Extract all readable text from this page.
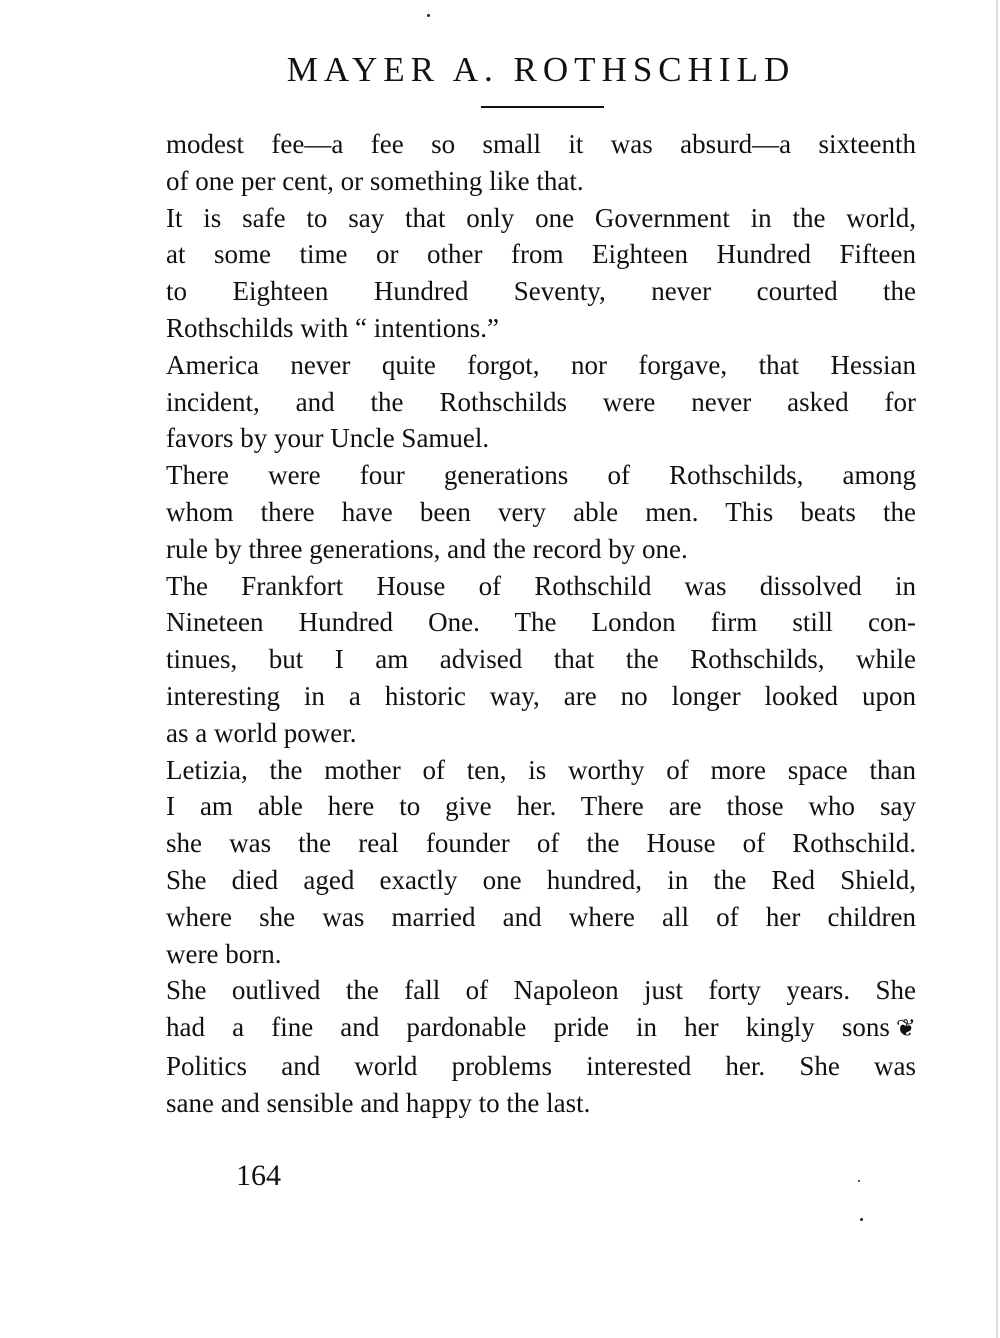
MAYER A. ROTHSCHILD

modest fee—a fee so small it was absurd—a sixteenth
of one per cent, or something like that.

It is safe to say that only one Government in the world,
at some time or other from Eighteen Hundred Fifteen
to Eighteen Hundred Seventy, never courted the
Rothschilds with “ intentions.”

America never quite forgot, nor forgave, that Hessian
incident, and the Rothschilds were never asked for
favors by your Uncle Samuel.

There were four generations of Rothschilds, among
whom there have been very able men. This beats the
rule by three generations, and the record by one.

The Frankfort House of Rothschild was dissolved in
Nineteen Hundred One. The London firm still con-
tinues, but I am advised that the Rothschilds, while
interesting in a historic way, are no longer looked upon
as a world power.

Letizia, the mother of ten, is worthy of more space than
I am able here to give her. There are those who say
she was the real founder of the House of Rothschild.
She died aged exactly one hundred, in the Red Shield,
where she was married and where all of her children
were born.

She outlived the fall of Napoleon just forty years. She
had a fine and pardonable pride in her kingly sons ❦
Politics and world problems interested her. She was
sane and sensible and happy to the last.

164
